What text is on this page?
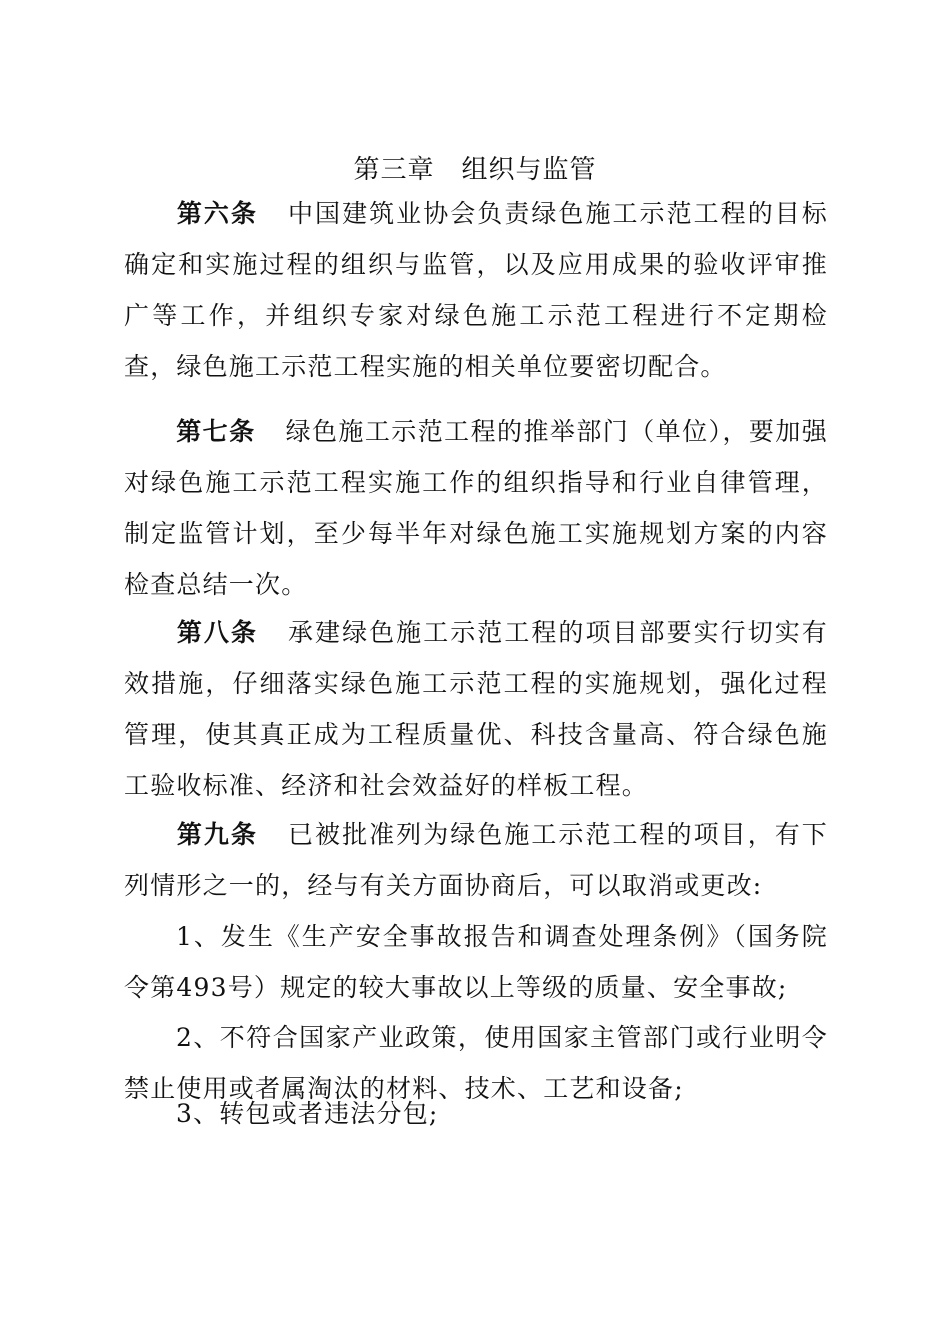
第三章　组织与监管

第六条 中国建筑业协会负责绿色施工示范工程的目标确定和实施过程的组织与监管，以及应用成果的验收评审推广等工作，并组织专家对绿色施工示范工程进行不定期检查，绿色施工示范工程实施的相关单位要密切配合。

第七条 绿色施工示范工程的推举部门（单位），要加强对绿色施工示范工程实施工作的组织指导和行业自律管理，制定监管计划，至少每半年对绿色施工实施规划方案的内容检查总结一次。

第八条 承建绿色施工示范工程的项目部要实行切实有效措施，仔细落实绿色施工示范工程的实施规划，强化过程管理，使其真正成为工程质量优、科技含量高、符合绿色施工验收标准、经济和社会效益好的样板工程。

第九条 已被批准列为绿色施工示范工程的项目，有下列情形之一的，经与有关方面协商后，可以取消或更改:

1、发生《生产安全事故报告和调查处理条例》（国务院令第493号）规定的较大事故以上等级的质量、安全事故;

2、不符合国家产业政策，使用国家主管部门或行业明令禁止使用或者属淘汰的材料、技术、工艺和设备;

3、转包或者违法分包;
